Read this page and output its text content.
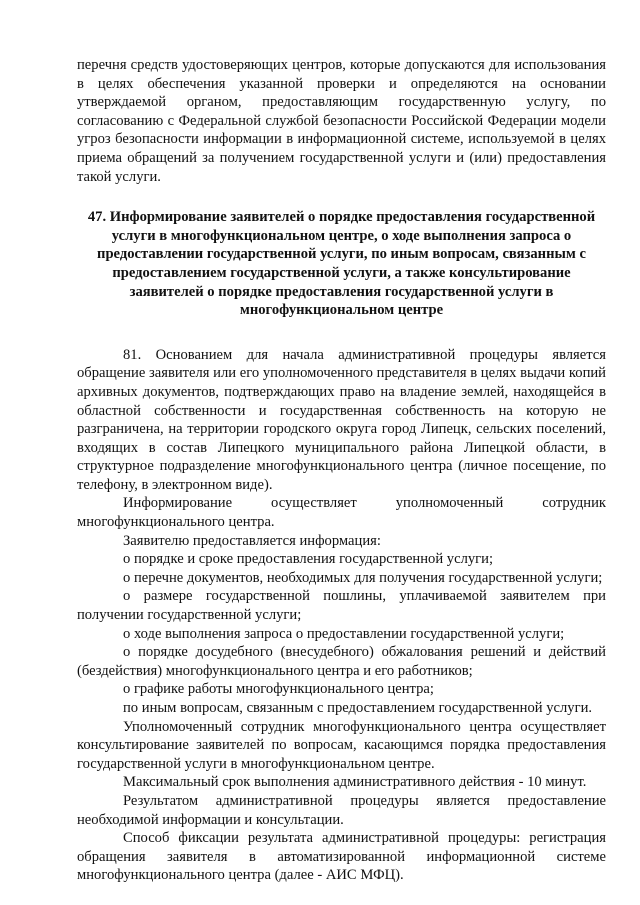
перечня средств удостоверяющих центров, которые допускаются для использования в целях обеспечения указанной проверки и определяются на основании утверждаемой органом, предоставляющим государственную услугу, по согласованию с Федеральной службой безопасности Российской Федерации модели угроз безопасности информации в информационной системе, используемой в целях приема обращений за получением государственной услуги и (или) предоставления такой услуги.

47. Информирование заявителей о порядке предоставления государственной услуги в многофункциональном центре, о ходе выполнения запроса о предоставлении государственной услуги, по иным вопросам, связанным с предоставлением государственной услуги, а также консультирование заявителей о порядке предоставления государственной услуги в многофункциональном центре

81. Основанием для начала административной процедуры является обращение заявителя или его уполномоченного представителя в целях выдачи копий архивных документов, подтверждающих право на владение землей, находящейся в областной собственности и государственная собственность на которую не разграничена, на территории городского округа город Липецк, сельских поселений, входящих в состав Липецкого муниципального района Липецкой области, в структурное подразделение многофункционального центра (личное посещение, по телефону, в электронном виде).

Информирование осуществляет уполномоченный сотрудник многофункционального центра.

Заявителю предоставляется информация:

о порядке и сроке предоставления государственной услуги;

о перечне документов, необходимых для получения государственной услуги;

о размере государственной пошлины, уплачиваемой заявителем при получении государственной услуги;

о ходе выполнения запроса о предоставлении государственной услуги;

о порядке досудебного (внесудебного) обжалования решений и действий (бездействия) многофункционального центра и его работников;

о графике работы многофункционального центра;

по иным вопросам, связанным с предоставлением государственной услуги.

Уполномоченный сотрудник многофункционального центра осуществляет консультирование заявителей по вопросам, касающимся порядка предоставления государственной услуги в многофункциональном центре.

Максимальный срок выполнения административного действия - 10 минут.

Результатом административной процедуры является предоставление необходимой информации и консультации.

Способ фиксации результата административной процедуры: регистрация обращения заявителя в автоматизированной информационной системе многофункционального центра (далее - АИС МФЦ).
